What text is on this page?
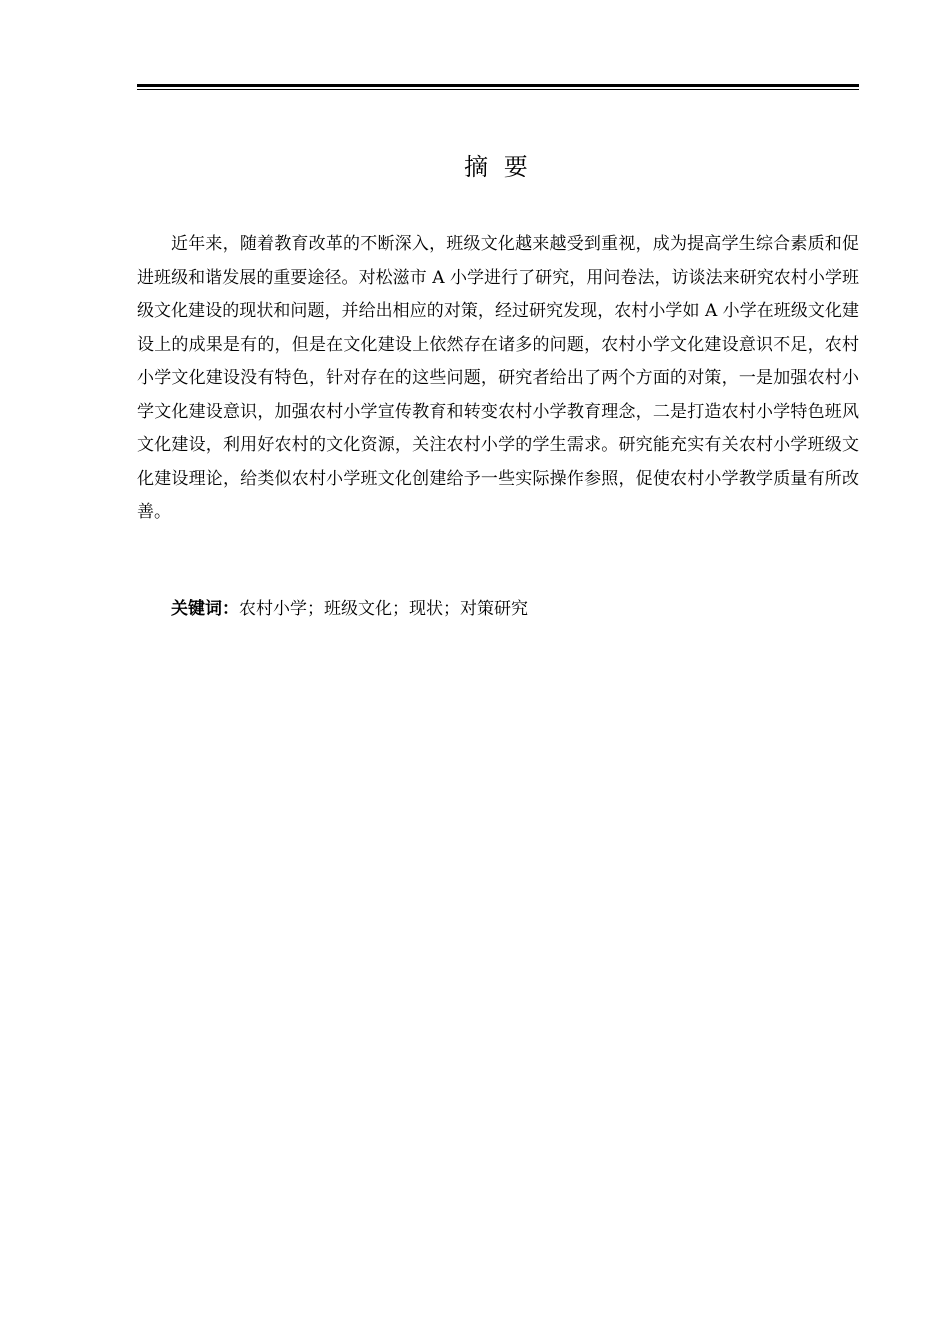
摘 要

近年来，随着教育改革的不断深入，班级文化越来越受到重视，成为提高学生综合素质和促进班级和谐发展的重要途径。对松滋市 A 小学进行了研究，用问卷法，访谈法来研究农村小学班级文化建设的现状和问题，并给出相应的对策，经过研究发现，农村小学如 A 小学在班级文化建设上的成果是有的，但是在文化建设上依然存在诸多的问题，农村小学文化建设意识不足，农村小学文化建设没有特色，针对存在的这些问题，研究者给出了两个方面的对策，一是加强农村小学文化建设意识，加强农村小学宣传教育和转变农村小学教育理念，二是打造农村小学特色班风文化建设，利用好农村的文化资源，关注农村小学的学生需求。研究能充实有关农村小学班级文化建设理论，给类似农村小学班文化创建给予一些实际操作参照，促使农村小学教学质量有所改善。

关键词：农村小学；班级文化；现状；对策研究
